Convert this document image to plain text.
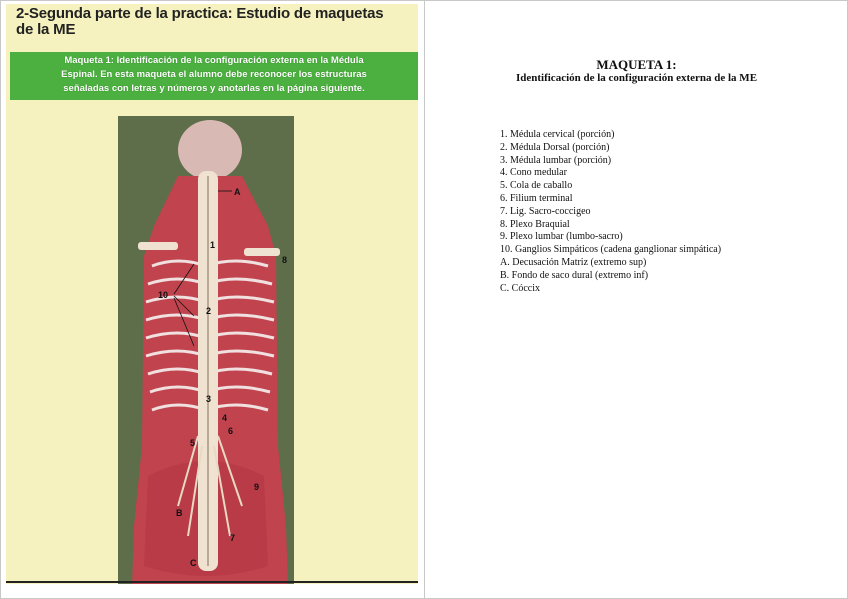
2-Segunda parte de la practica: Estudio de maquetas
de la ME
Maqueta 1: Identificación de la configuración externa en la Médula
Espinal. En esta maqueta el alumno debe reconocer los estructuras
señaladas con letras y números y anotarlas en la página siguiente.
A
1
8
10
2
3
4
6
5
9
B
7
C
MAQUETA 1:
Identificación de la configuración externa de la ME
1. Médula cervical (porción)
2. Médula Dorsal (porción)
3. Médula lumbar (porción)
4. Cono medular
5. Cola de caballo
6. Filium terminal
7. Lig. Sacro-coccigeo
8. Plexo Braquial
9. Plexo lumbar (lumbo-sacro)
10. Ganglios Simpáticos (cadena ganglionar simpática)
A. Decusación Matriz (extremo sup)
B. Fondo de saco dural (extremo inf)
C. Cóccix
